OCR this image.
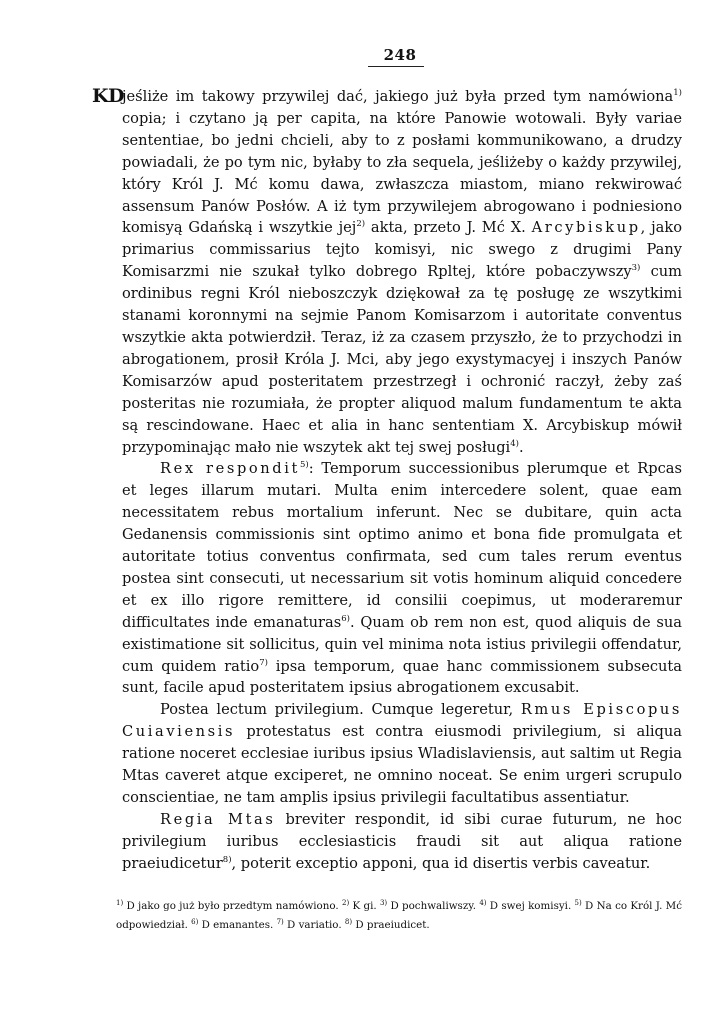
248
KD

jeśliże im takowy przywilej dać, jakiego już była przed tym namówiona$^{1)}$ copia; i czytano ją per capita, na które Panowie wotowali. Były variae sententiae, bo jedni chcieli, aby to z posłami kommunikowano, a drudzy powiadali, że po tym nic, byłaby to zła sequela, jeśliżeby o każdy przywilej, który Król J. Mć komu dawa, zwłaszcza miastom, miano rekwirować assensum Panów Posłów. A iż tym przywilejem abrogowano i podniesiono komisyą Gdańską i wszytkie jej$^{2)}$ akta, przeto J. Mć X. Arcybiskup, jako primarius commissarius tejto komisyi, nic swego z drugimi Pany Komisarzmi nie szukał tylko dobrego Rpltej, które pobaczywszy$^{3)}$ cum ordinibus regni Król nieboszczyk dziękował za tę posługę ze wszytkimi stanami koronnymi na sejmie Panom Komisarzom i autoritate conventus wszytkie akta potwierdził. Teraz, iż za czasem przyszło, że to przychodzi in abrogationem, prosił Króla J. Mci, aby jego exystymacyej i inszych Panów Komisarzów apud posteritatem przestrzegł i ochronić raczył, żeby zaś posteritas nie rozumiała, że propter aliquod malum fundamentum te akta są rescindowane. Haec et alia in hanc sententiam X. Arcybiskup mówił przypominając mało nie wszytek akt tej swej posługi$^{4)}$.

Rex respondit$^{5)}$: Temporum successionibus plerumque et Rpcas et leges illarum mutari. Multa enim intercedere solent, quae eam necessitatem rebus mortalium inferunt. Nec se dubitare, quin acta Gedanensis commissionis sint optimo animo et bona fide promulgata et autoritate totius conventus confirmata, sed cum tales rerum eventus postea sint consecuti, ut necessarium sit votis hominum aliquid concedere et ex illo rigore remittere, id consilii coepimus, ut moderaremur difficultates inde emanaturas$^{6)}$. Quam ob rem non est, quod aliquis de sua existimatione sit sollicitus, quin vel minima nota istius privilegii offendatur, cum quidem ratio$^{7)}$ ipsa temporum, quae hanc commissionem subsecuta sunt, facile apud posteritatem ipsius abrogationem excusabit.

Postea lectum privilegium. Cumque legeretur, Rmus Episcopus Cuiaviensis protestatus est contra eiusmodi privilegium, si aliqua ratione noceret ecclesiae iuribus ipsius Wladislaviensis, aut saltim ut Regia Mtas caveret atque exciperet, ne omnino noceat. Se enim urgeri scrupulo conscientiae, ne tam amplis ipsius privilegii facultatibus assentiatur.

Regia Mtas breviter respondit, id sibi curae futurum, ne hoc privilegium iuribus ecclesiasticis fraudi sit aut aliqua ratione praeiudicetur$^{8)}$, poterit exceptio apponi, qua id disertis verbis caveatur.

$^{1)}$ D jako go już było przedtym namówiono. $^{2)}$ K gi. $^{3)}$ D pochwaliwszy. $^{4)}$ D swej komisyi. $^{5)}$ D Na co Król J. Mć odpowiedział. $^{6)}$ D emanantes. $^{7)}$ D variatio. $^{8)}$ D praeiudicet.
